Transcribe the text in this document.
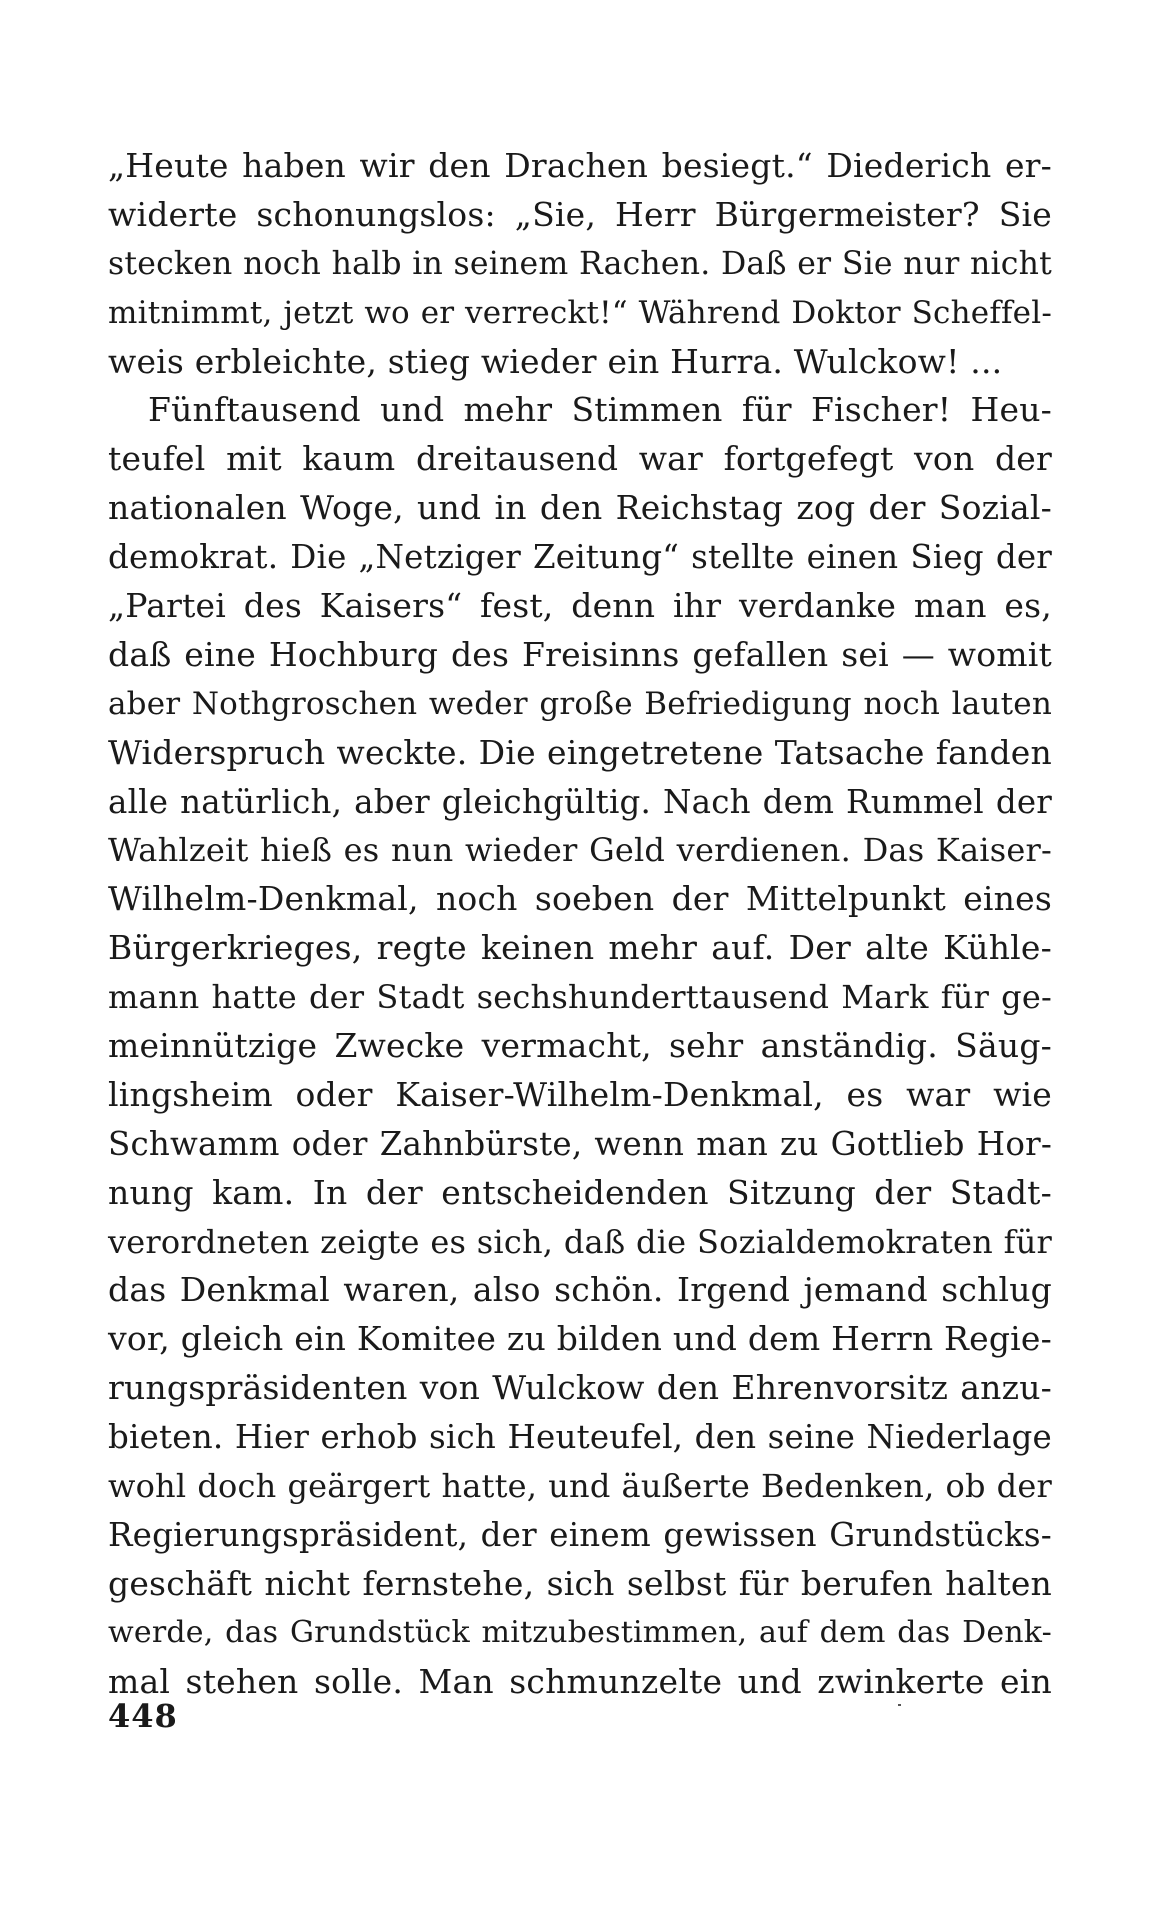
„Heute haben wir den Drachen besiegt.“ Diederich er-
widerte schonungslos: „Sie, Herr Bürgermeister? Sie
stecken noch halb in seinem Rachen. Daß er Sie nur nicht
mitnimmt, jetzt wo er verreckt!“ Während Doktor Scheffel-
weis erbleichte, stieg wieder ein Hurra. Wulckow! ...
Fünftausend und mehr Stimmen für Fischer! Heu-
teufel mit kaum dreitausend war fortgefegt von der
nationalen Woge, und in den Reichstag zog der Sozial-
demokrat. Die „Netziger Zeitung“ stellte einen Sieg der
„Partei des Kaisers“ fest, denn ihr verdanke man es,
daß eine Hochburg des Freisinns gefallen sei — womit
aber Nothgroschen weder große Befriedigung noch lauten
Widerspruch weckte. Die eingetretene Tatsache fanden
alle natürlich, aber gleichgültig. Nach dem Rummel der
Wahlzeit hieß es nun wieder Geld verdienen. Das Kaiser-
Wilhelm-Denkmal, noch soeben der Mittelpunkt eines
Bürgerkrieges, regte keinen mehr auf. Der alte Kühle-
mann hatte der Stadt sechshunderttausend Mark für ge-
meinnützige Zwecke vermacht, sehr anständig. Säug-
lingsheim oder Kaiser-Wilhelm-Denkmal, es war wie
Schwamm oder Zahnbürste, wenn man zu Gottlieb Hor-
nung kam. In der entscheidenden Sitzung der Stadt-
verordneten zeigte es sich, daß die Sozialdemokraten für
das Denkmal waren, also schön. Irgend jemand schlug
vor, gleich ein Komitee zu bilden und dem Herrn Regie-
rungspräsidenten von Wulckow den Ehrenvorsitz anzu-
bieten. Hier erhob sich Heuteufel, den seine Niederlage
wohl doch geärgert hatte, und äußerte Bedenken, ob der
Regierungspräsident, der einem gewissen Grundstücks-
geschäft nicht fernstehe, sich selbst für berufen halten
werde, das Grundstück mitzubestimmen, auf dem das Denk-
mal stehen solle. Man schmunzelte und zwinkerte ein
448
